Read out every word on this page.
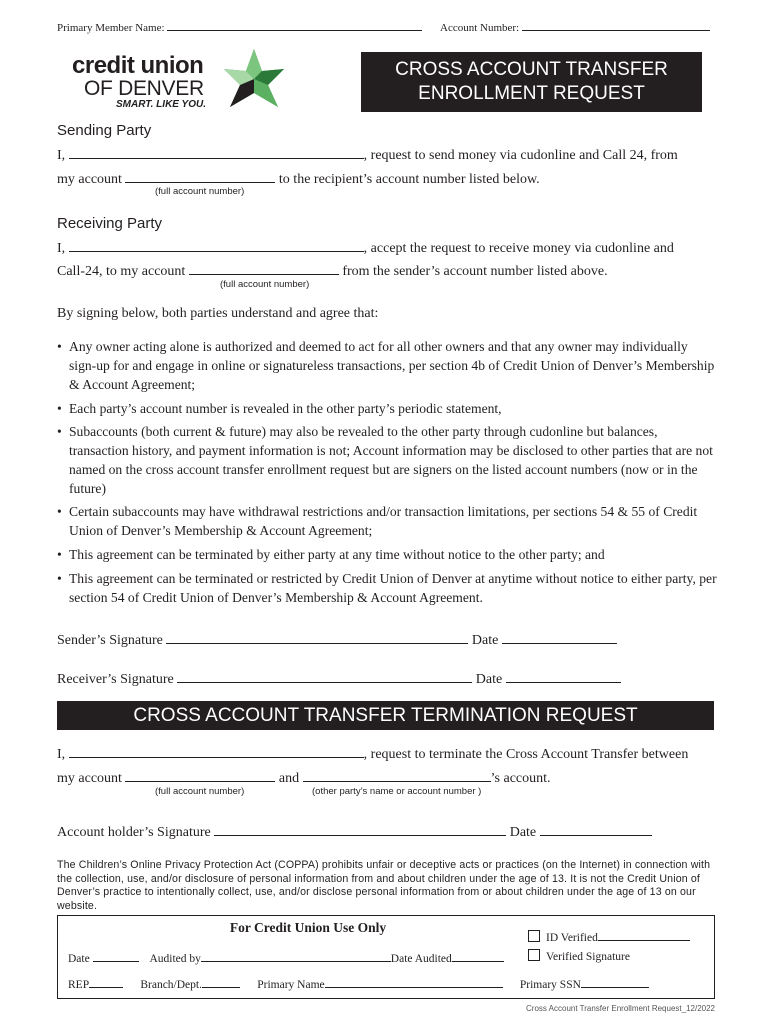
Primary Member Name:	Account Number:
credit union
OF DENVER
SMART. LIKE YOU.
CROSS ACCOUNT TRANSFER
ENROLLMENT REQUEST
Sending Party
I,	, request to send money via cudonline and Call 24, from
my account	to the recipient’s account number listed below.
(full account number)
Receiving Party
I,	, accept the request to receive money via cudonline and
Call-24, to my account	from the sender’s account number listed above.
(full account number)
By signing below, both parties understand and agree that:
• Any owner acting alone is authorized and deemed to act for all other owners and that any owner may individually sign-up for and engage in online or signatureless transactions, per section 4b of Credit Union of Denver’s Membership & Account Agreement;
• Each party’s account number is revealed in the other party’s periodic statement,
• Subaccounts (both current & future) may also be revealed to the other party through cudonline but balances, transaction history, and payment information is not; Account information may be disclosed to other parties that are not named on the cross account transfer enrollment request but are signers on the listed account numbers (now or in the future)
• Certain subaccounts may have withdrawal restrictions and/or transaction limitations, per sections 54 & 55 of Credit Union of Denver’s Membership & Account Agreement;
• This agreement can be terminated by either party at any time without notice to the other party; and
• This agreement can be terminated or restricted by Credit Union of Denver at anytime without notice to either party, per section 54 of Credit Union of Denver’s Membership & Account Agreement.
Sender’s Signature	Date
Receiver’s Signature	Date
CROSS ACCOUNT TRANSFER TERMINATION REQUEST
I,	, request to terminate the Cross Account Transfer between
my account	and	’s account.
(full account number)	(other party’s name or account number )
Account holder’s Signature	Date
The Children’s Online Privacy Protection Act (COPPA) prohibits unfair or deceptive acts or practices (on the Internet) in connection with the collection, use, and/or disclosure of personal information from and about children under the age of 13. It is not the Credit Union of Denver’s practice to intentionally collect, use, and/or disclose personal information from or about children under the age of 13 on our website.
For Credit Union Use Only
ID Verified
Verified Signature
Date	Audited by	Date Audited
REP	Branch/Dept.	Primary Name	Primary SSN
Cross Account Transfer Enrollment Request_12/2022
